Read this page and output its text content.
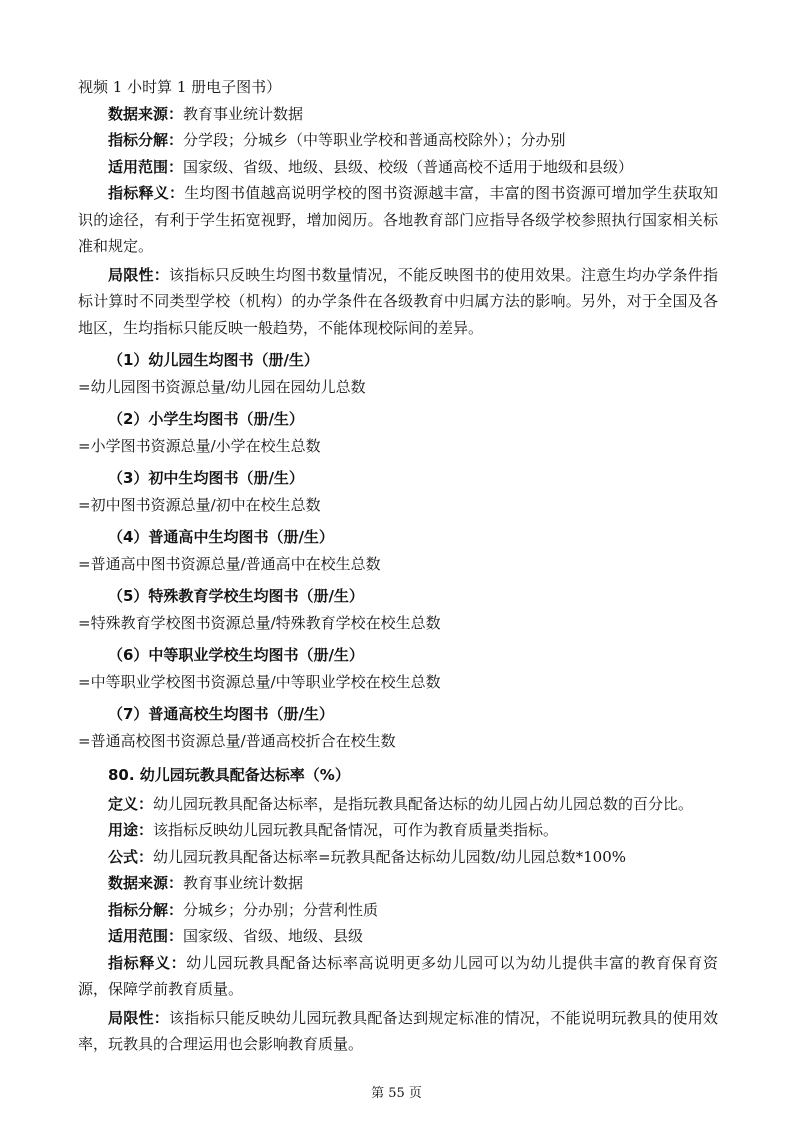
视频 1 小时算 1 册电子图书）
数据来源：教育事业统计数据
指标分解：分学段；分城乡（中等职业学校和普通高校除外）；分办别
适用范围：国家级、省级、地级、县级、校级（普通高校不适用于地级和县级）

指标释义：生均图书值越高说明学校的图书资源越丰富，丰富的图书资源可增加学生获取知识的途径，有利于学生拓宽视野，增加阅历。各地教育部门应指导各级学校参照执行国家相关标准和规定。

局限性：该指标只反映生均图书数量情况，不能反映图书的使用效果。注意生均办学条件指标计算时不同类型学校（机构）的办学条件在各级教育中归属方法的影响。另外，对于全国及各地区，生均指标只能反映一般趋势，不能体现校际间的差异。

（1）幼儿园生均图书（册/生）
=幼儿园图书资源总量/幼儿园在园幼儿总数
（2）小学生均图书（册/生）
=小学图书资源总量/小学在校生总数
（3）初中生均图书（册/生）
=初中图书资源总量/初中在校生总数
（4）普通高中生均图书（册/生）
=普通高中图书资源总量/普通高中在校生总数
（5）特殊教育学校生均图书（册/生）
=特殊教育学校图书资源总量/特殊教育学校在校生总数
（6）中等职业学校生均图书（册/生）
=中等职业学校图书资源总量/中等职业学校在校生总数
（7）普通高校生均图书（册/生）
=普通高校图书资源总量/普通高校折合在校生数
80. 幼儿园玩教具配备达标率（%）

定义：幼儿园玩教具配备达标率，是指玩教具配备达标的幼儿园占幼儿园总数的百分比。

用途：该指标反映幼儿园玩教具配备情况，可作为教育质量类指标。
公式：幼儿园玩教具配备达标率=玩教具配备达标幼儿园数/幼儿园总数*100%
数据来源：教育事业统计数据
指标分解：分城乡；分办别；分营利性质
适用范围：国家级、省级、地级、县级

指标释义：幼儿园玩教具配备达标率高说明更多幼儿园可以为幼儿提供丰富的教育保育资源，保障学前教育质量。

局限性：该指标只能反映幼儿园玩教具配备达到规定标准的情况，不能说明玩教具的使用效率，玩教具的合理运用也会影响教育质量。

第 55 页
